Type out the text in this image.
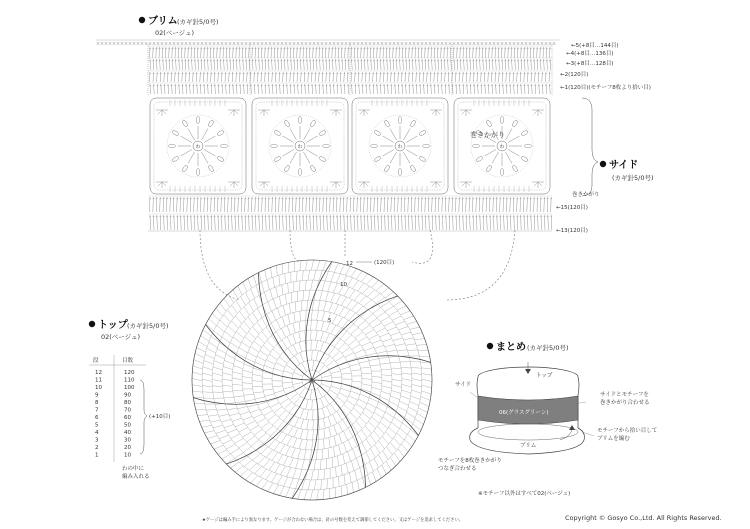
ブリム (カギ針5/0号)
02(ベージュ)
←5(+8目…144目)
←4(+8目…136目)
←3(+8目…128目)
←2(120目)
←1(120目)(モチーフ8枚より拾い目)
わ	わ	わ	わ
巻きかがり
サイド
(カギ針5/0号)
巻きかがり
←15(120目)
←13(120目)
わ
(120目)
12
10
5
トップ (カギ針5/0号)
02(ベージュ)
段	目数
12	120
11	110
10	100
9	90
8	80
7	70
6	60
5	50
4	40
3	30
2	20
1	10
(+10目)
わの中に
編み入れる
まとめ (カギ針5/0号)
トップ
サイド
06(グラスグリーン)
ブリム
サイドとモチーフを
巻きかがり合わせる
モチーフから拾い目して
ブリムを編む
モチーフを8枚巻きかがり
つなぎ合わせる
※モチーフ以外はすべて02(ベージュ)
★ゲージは編み手により異なります。ゲージが合わない場合は、針の号数を変えて調節してください。又はゲージを追求してください。	Copyright © Gosyo Co.,Ltd. All Rights Reserved.
